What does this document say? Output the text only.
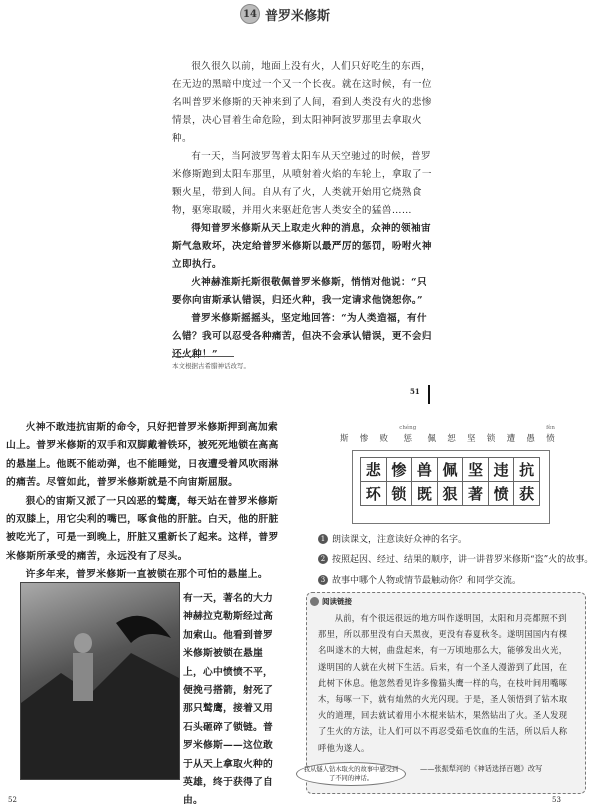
14 普罗米修斯

很久很久以前，地面上没有火，人们只好吃生的东西，在无边的黑暗中度过一个又一个长夜。就在这时候，有一位名叫普罗米修斯的天神来到了人间，看到人类没有火的悲惨情景，决心冒着生命危险，到太阳神阿波罗那里去拿取火种。

有一天，当阿波罗驾着太阳车从天空驰过的时候，普罗米修斯跑到太阳车那里，从喷射着火焰的车轮上，拿取了一颗火星，带到人间。自从有了火，人类就开始用它烧熟食物，驱寒取暖，并用火来驱赶危害人类安全的猛兽……

得知普罗米修斯从天上取走火种的消息，众神的领袖宙斯气急败坏，决定给普罗米修斯以最严厉的惩罚，吩咐火神立即执行。

火神赫淮斯托斯很敬佩普罗米修斯，悄悄对他说：“只要你向宙斯承认错误，归还火种，我一定请求他饶恕你。”

普罗米修斯摇摇头，坚定地回答：“为人类造福，有什么错？我可以忍受各种痛苦，但决不会承认错误，更不会归还火种！”

本文根据古希腊神话改写。
51

火神不敢违抗宙斯的命令，只好把普罗米修斯押到高加索山上。普罗米修斯的双手和双脚戴着铁环，被死死地锁在高高的悬崖上。他既不能动弹，也不能睡觉，日夜遭受着风吹雨淋的痛苦。尽管如此，普罗米修斯就是不向宙斯屈服。

狠心的宙斯又派了一只凶恶的鹫鹰，每天站在普罗米修斯的双膝上，用它尖利的嘴巴，啄食他的肝脏。白天，他的肝脏被吃光了，可是一到晚上，肝脏又重新长了起来。这样，普罗米修斯所承受的痛苦，永远没有了尽头。

许多年来，普罗米修斯一直被锁在那个可怕的悬崖上。

有一天，著名的大力神赫拉克勒斯经过高加索山。他看到普罗米修斯被锁在悬崖上，心中愤愤不平，便挽弓搭箭，射死了那只鹫鹰，接着又用石头砸碎了锁链。普罗米修斯——这位敢于从天上拿取火种的英雄，终于获得了自由。

52
斯 惨 败
chéng
惩	佩 恕 坚 锁 遭 愚
fèn
愤
悲	惨	兽	佩	坚	违	抗
环	锁	既	狠	著	愤	获
1 朗读课文，注意读好众神的名字。
2 按照起因、经过、结果的顺序，讲一讲普罗米修斯“盗”火的故事。
3 故事中哪个人物或情节最触动你？和同学交流。
阅读链接

从前，有个很远很远的地方叫作遂明国，太阳和月亮都照不到那里，所以那里没有白天黑夜，更没有春夏秋冬。遂明国国内有棵名叫遂木的大树，曲盘起来，有一万顷地那么大，能够发出火光，遂明国的人就在火树下生活。后来，有一个圣人漫游到了此国，在此树下休息。他忽然看见许多像猫头鹰一样的鸟，在枝叶间用嘴啄木，每啄一下，就有灿然的火光闪现。于是，圣人领悟到了钻木取火的道理，回去就试着用小木棍来钻木，果然钻出了火。圣人发现了生火的方法，让人们可以不再忍受茹毛饮血的生活，所以后人称呼他为遂人。

——张振犁河的《神话选择百题》改写
我从燧人钻木取火的故事中感受到了不同的神话。
53
